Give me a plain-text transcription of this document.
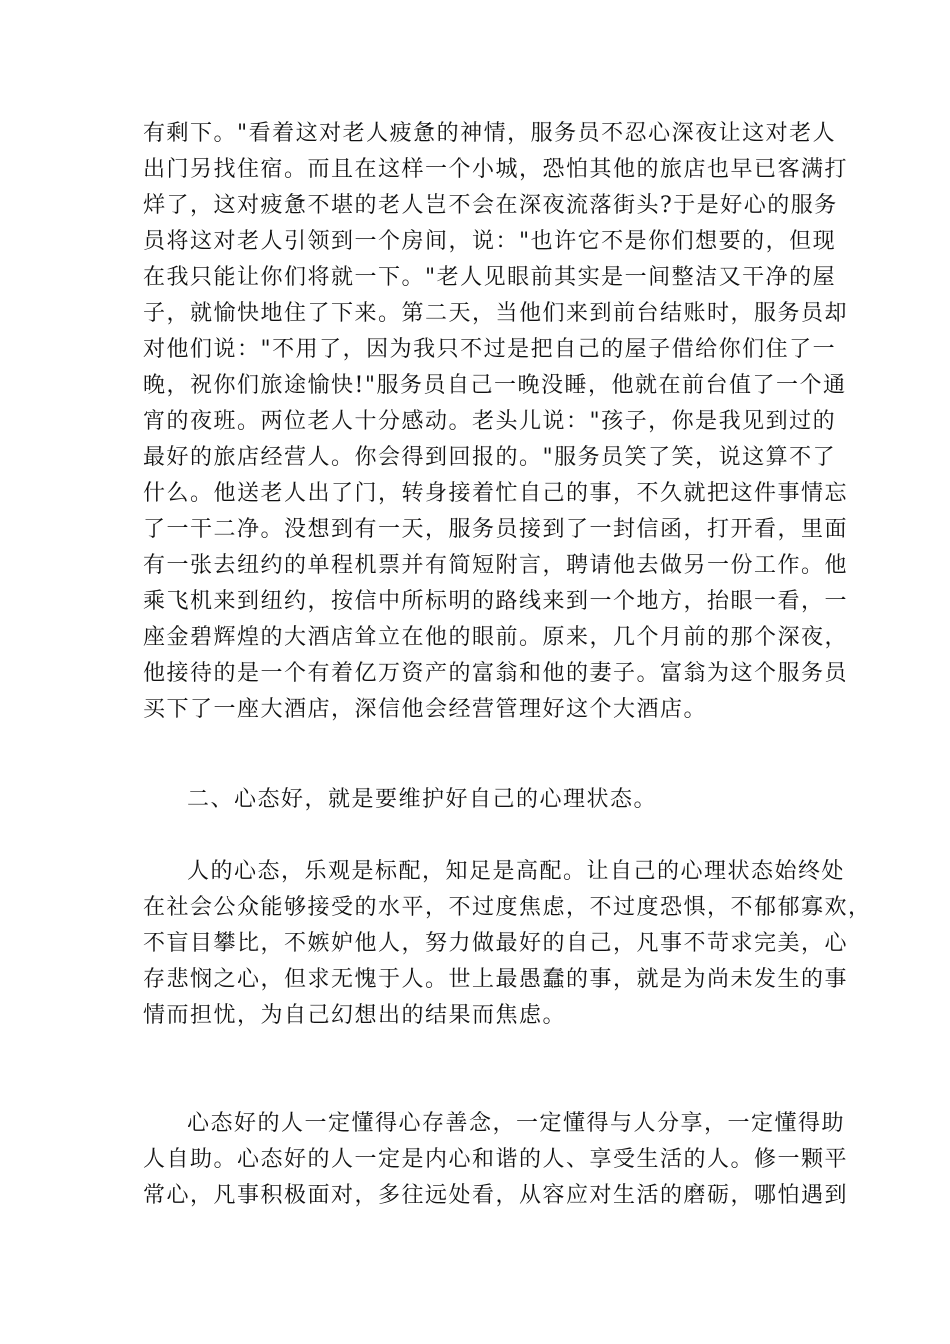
有剩下。"看着这对老人疲惫的神情，服务员不忍心深夜让这对老人
出门另找住宿。而且在这样一个小城，恐怕其他的旅店也早已客满打
烊了，这对疲惫不堪的老人岂不会在深夜流落街头?于是好心的服务
员将这对老人引领到一个房间，说："也许它不是你们想要的，但现
在我只能让你们将就一下。"老人见眼前其实是一间整洁又干净的屋
子，就愉快地住了下来。第二天，当他们来到前台结账时，服务员却
对他们说："不用了，因为我只不过是把自己的屋子借给你们住了一
晚，祝你们旅途愉快!"服务员自己一晚没睡，他就在前台值了一个通
宵的夜班。两位老人十分感动。老头儿说："孩子，你是我见到过的
最好的旅店经营人。你会得到回报的。"服务员笑了笑，说这算不了
什么。他送老人出了门，转身接着忙自己的事，不久就把这件事情忘
了一干二净。没想到有一天，服务员接到了一封信函，打开看，里面
有一张去纽约的单程机票并有简短附言，聘请他去做另一份工作。他
乘飞机来到纽约，按信中所标明的路线来到一个地方，抬眼一看，一
座金碧辉煌的大酒店耸立在他的眼前。原来，几个月前的那个深夜，
他接待的是一个有着亿万资产的富翁和他的妻子。富翁为这个服务员
买下了一座大酒店，深信他会经营管理好这个大酒店。
二、心态好，就是要维护好自己的心理状态。
人的心态，乐观是标配，知足是高配。让自己的心理状态始终处
在社会公众能够接受的水平，不过度焦虑，不过度恐惧，不郁郁寡欢，
不盲目攀比，不嫉妒他人，努力做最好的自己，凡事不苛求完美，心
存悲悯之心，但求无愧于人。世上最愚蠢的事，就是为尚未发生的事
情而担忧，为自己幻想出的结果而焦虑。
心态好的人一定懂得心存善念，一定懂得与人分享，一定懂得助
人自助。心态好的人一定是内心和谐的人、享受生活的人。修一颗平
常心，凡事积极面对，多往远处看，从容应对生活的磨砺，哪怕遇到
